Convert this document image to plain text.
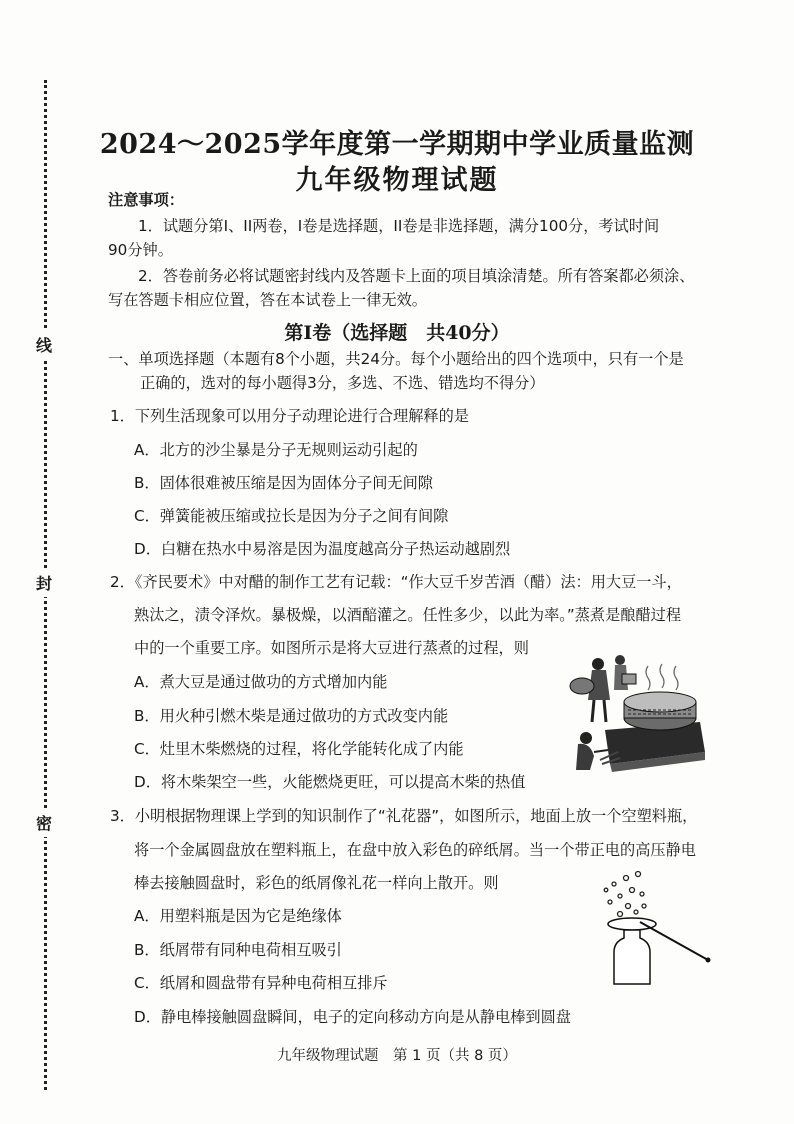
线
封
密
2024～2025学年度第一学期期中学业质量监测
九年级物理试题
注意事项：
1．试题分第I、II两卷，I卷是选择题，II卷是非选择题，满分100分，考试时间
90分钟。
2．答卷前务必将试题密封线内及答题卡上面的项目填涂清楚。所有答案都必须涂、
写在答题卡相应位置，答在本试卷上一律无效。
第I卷（选择题　共40分）
一、单项选择题（本题有8个小题，共24分。每个小题给出的四个选项中，只有一个是
正确的，选对的每小题得3分，多选、不选、错选均不得分）
1．下列生活现象可以用分子动理论进行合理解释的是
A．北方的沙尘暴是分子无规则运动引起的
B．固体很难被压缩是因为固体分子间无间隙
C．弹簧能被压缩或拉长是因为分子之间有间隙
D．白糖在热水中易溶是因为温度越高分子热运动越剧烈
2．《齐民要术》中对醋的制作工艺有记载：“作大豆千岁苦酒（醋）法：用大豆一斗，
熟汰之，渍令泽炊。暴极燥，以酒醅灌之。任性多少，以此为率。”蒸煮是酿醋过程
中的一个重要工序。如图所示是将大豆进行蒸煮的过程，则
A．煮大豆是通过做功的方式增加内能
B．用火种引燃木柴是通过做功的方式改变内能
C．灶里木柴燃烧的过程，将化学能转化成了内能
D．将木柴架空一些，火能燃烧更旺，可以提高木柴的热值
3．小明根据物理课上学到的知识制作了“礼花器”，如图所示，地面上放一个空塑料瓶，
将一个金属圆盘放在塑料瓶上，在盘中放入彩色的碎纸屑。当一个带正电的高压静电
棒去接触圆盘时，彩色的纸屑像礼花一样向上散开。则
A．用塑料瓶是因为它是绝缘体
B．纸屑带有同种电荷相互吸引
C．纸屑和圆盘带有异种电荷相互排斥
D．静电棒接触圆盘瞬间，电子的定向移动方向是从静电棒到圆盘
九年级物理试题　第 1 页（共 8 页）
